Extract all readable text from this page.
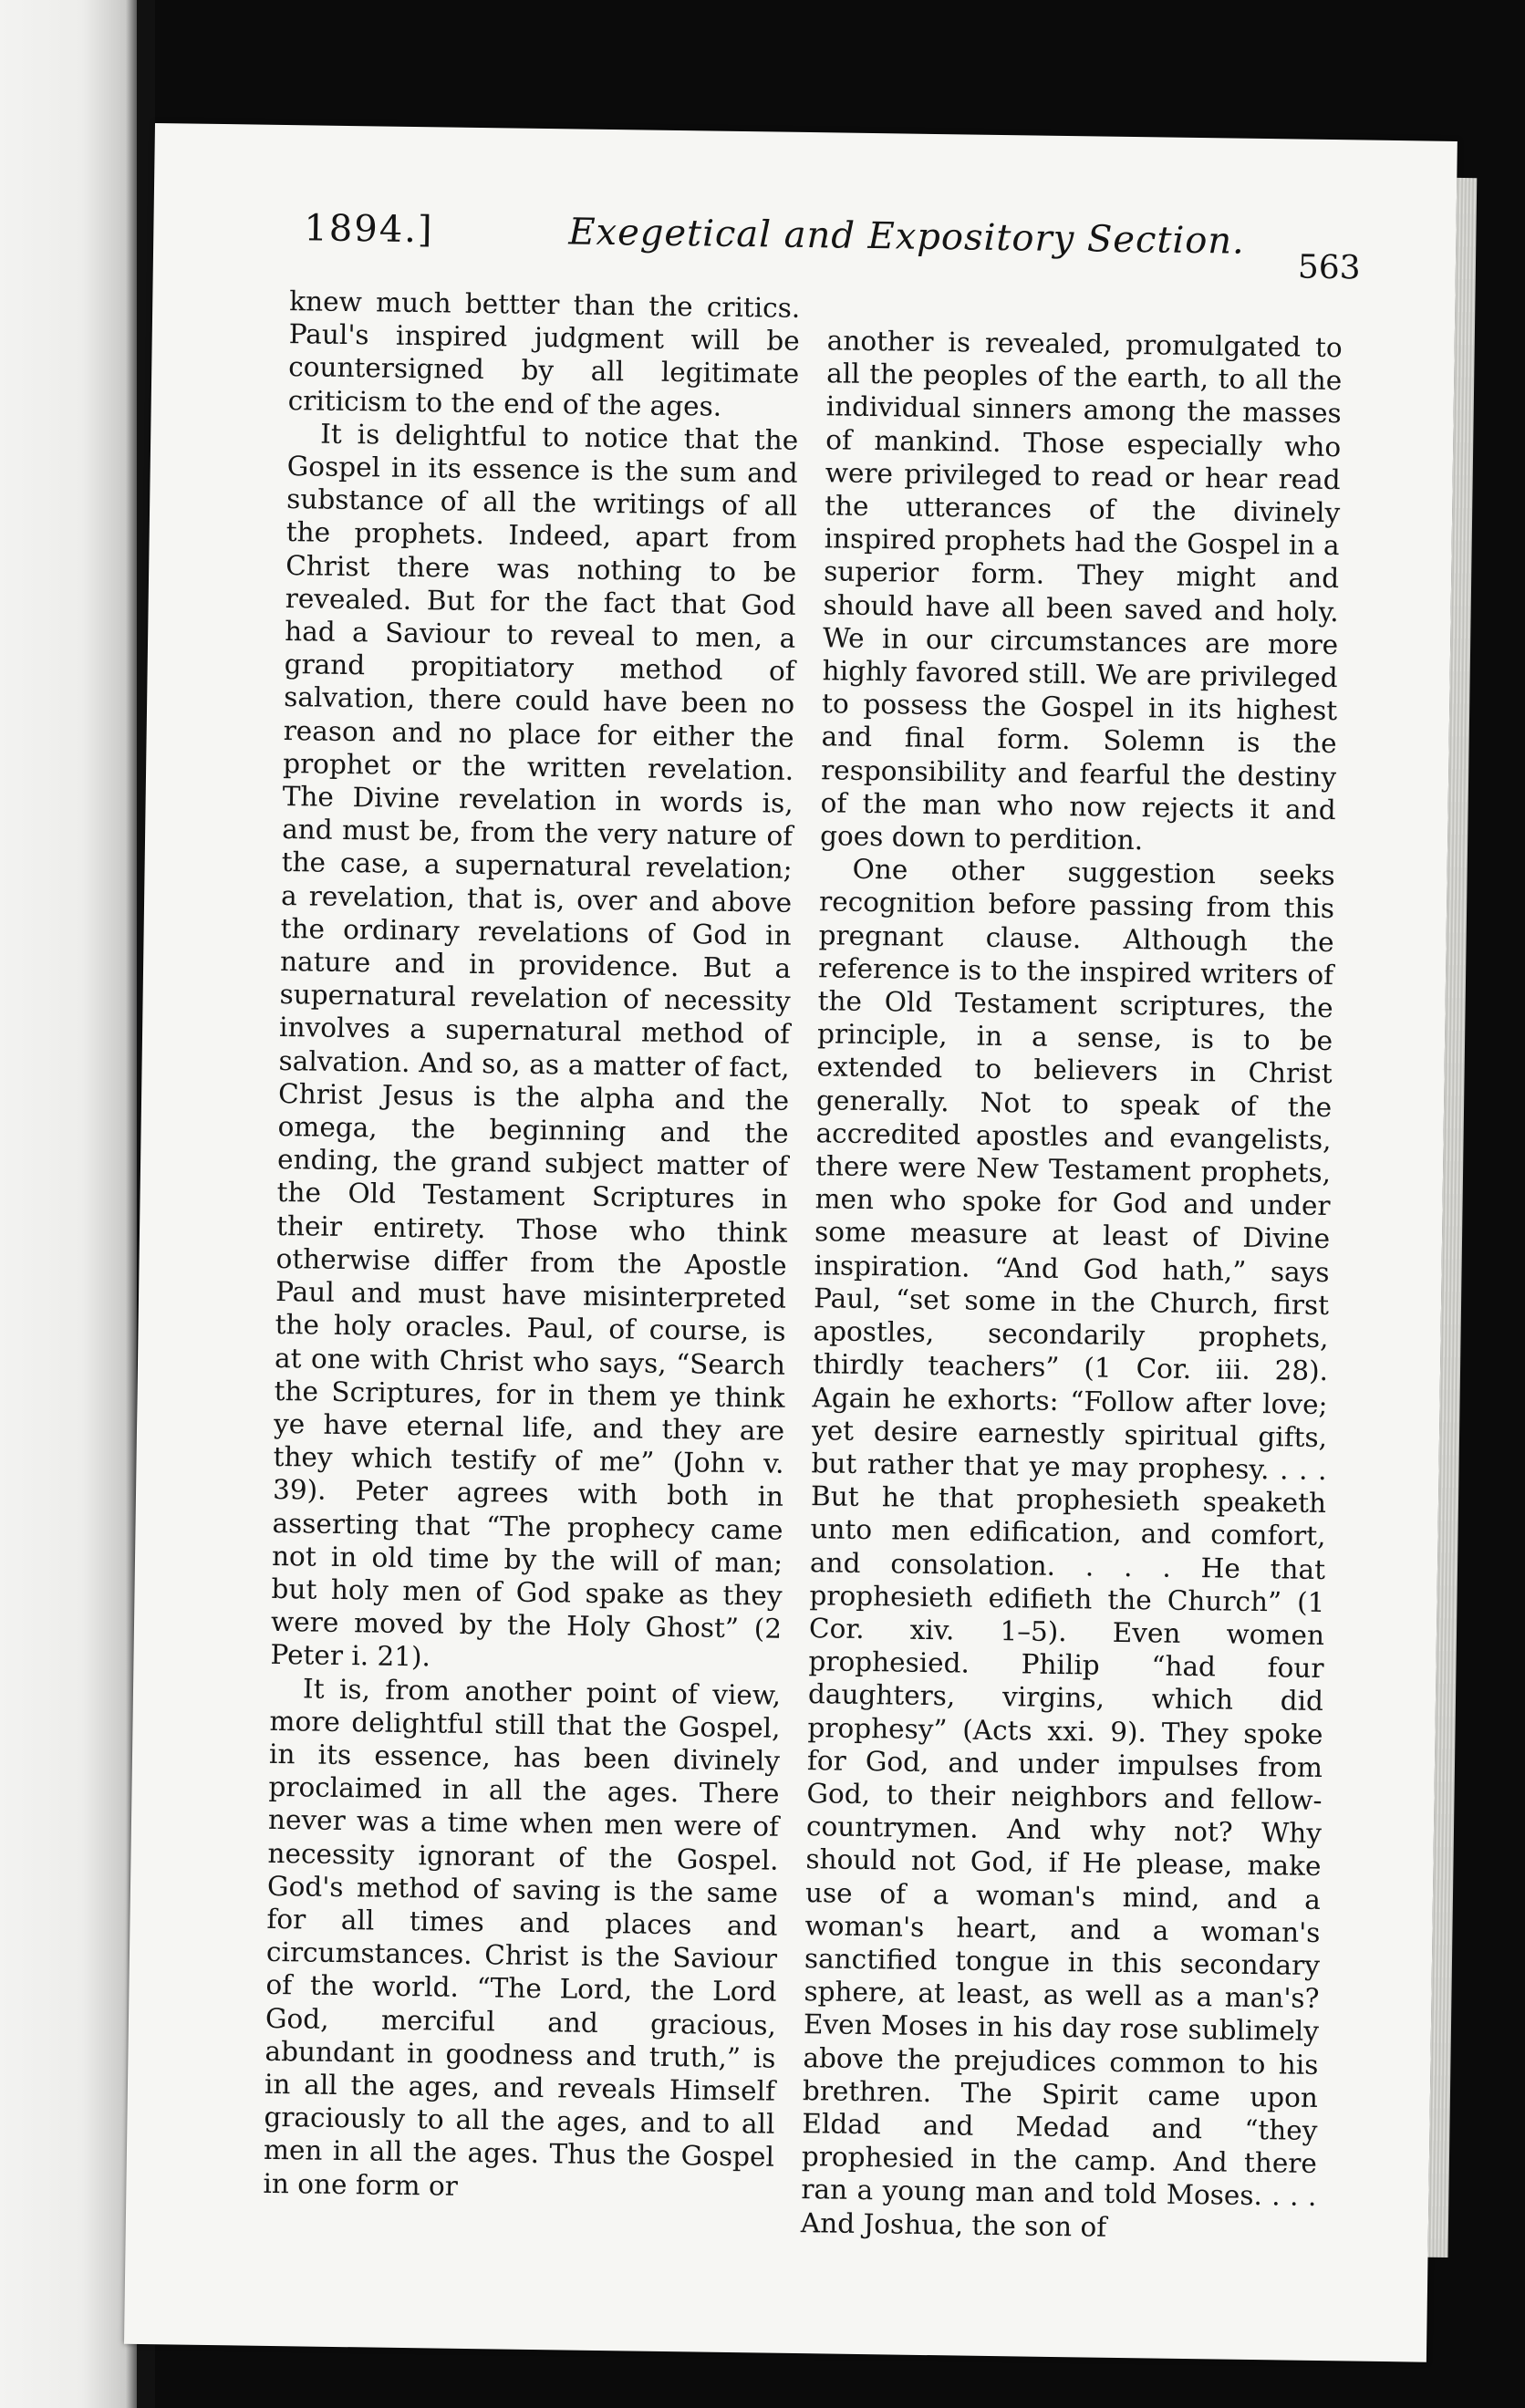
1894.]	Exegetical and Expository Section.
563

knew much bettter than the critics. Paul's inspired judgment will be countersigned by all legitimate criticism to the end of the ages.

It is delightful to notice that the Gospel in its essence is the sum and substance of all the writings of all the prophets. Indeed, apart from Christ there was nothing to be revealed. But for the fact that God had a Saviour to reveal to men, a grand propitiatory method of salvation, there could have been no reason and no place for either the prophet or the written revelation. The Divine revelation in words is, and must be, from the very nature of the case, a supernatural revelation; a revelation, that is, over and above the ordinary revelations of God in nature and in providence. But a supernatural revelation of necessity involves a supernatural method of salvation. And so, as a matter of fact, Christ Jesus is the alpha and the omega, the beginning and the ending, the grand subject matter of the Old Testament Scriptures in their entirety. Those who think otherwise differ from the Apostle Paul and must have misinterpreted the holy oracles. Paul, of course, is at one with Christ who says, “Search the Scriptures, for in them ye think ye have eternal life, and they are they which testify of me” (John v. 39). Peter agrees with both in asserting that “The prophecy came not in old time by the will of man; but holy men of God spake as they were moved by the Holy Ghost” (2 Peter i. 21).

It is, from another point of view, more delightful still that the Gospel, in its essence, has been divinely proclaimed in all the ages. There never was a time when men were of necessity ignorant of the Gospel. God's method of saving is the same for all times and places and circumstances. Christ is the Saviour of the world. “The Lord, the Lord God, merciful and gracious, abundant in goodness and truth,” is in all the ages, and reveals Himself graciously to all the ages, and to all men in all the ages. Thus the Gospel in one form or

another is revealed, promulgated to all the peoples of the earth, to all the individual sinners among the masses of mankind. Those especially who were privileged to read or hear read the utterances of the divinely inspired prophets had the Gospel in a superior form. They might and should have all been saved and holy. We in our circumstances are more highly favored still. We are privileged to possess the Gospel in its highest and final form. Solemn is the responsibility and fearful the destiny of the man who now rejects it and goes down to perdition.

One other suggestion seeks recognition before passing from this pregnant clause. Although the reference is to the inspired writers of the Old Testament scriptures, the principle, in a sense, is to be extended to believers in Christ generally. Not to speak of the accredited apostles and evangelists, there were New Testament prophets, men who spoke for God and under some measure at least of Divine inspiration. “And God hath,” says Paul, “set some in the Church, first apostles, secondarily prophets, thirdly teachers” (1 Cor. iii. 28). Again he exhorts: “Follow after love; yet desire earnestly spiritual gifts, but rather that ye may prophesy. . . . But he that prophesieth speaketh unto men edification, and comfort, and consolation. . . . He that prophesieth edifieth the Church” (1 Cor. xiv. 1–5). Even women prophesied. Philip “had four daughters, virgins, which did prophesy” (Acts xxi. 9). They spoke for God, and under impulses from God, to their neighbors and fellow-countrymen. And why not? Why should not God, if He please, make use of a woman's mind, and a woman's heart, and a woman's sanctified tongue in this secondary sphere, at least, as well as a man's? Even Moses in his day rose sublimely above the prejudices common to his brethren. The Spirit came upon Eldad and Medad and “they prophesied in the camp. And there ran a young man and told Moses. . . . And Joshua, the son of
